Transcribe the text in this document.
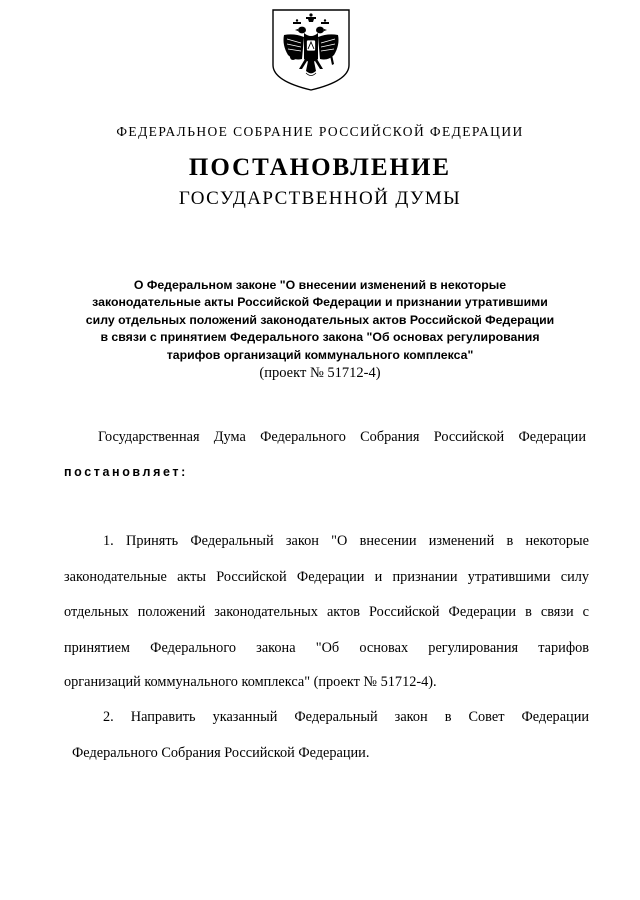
ФЕДЕРАЛЬНОЕ СОБРАНИЕ РОССИЙСКОЙ ФЕДЕРАЦИИ
ПОСТАНОВЛЕНИЕ
ГОСУДАРСТВЕННОЙ ДУМЫ
О Федеральном законе "О внесении изменений в некоторые
законодательные акты Российской Федерации и признании утратившими
силу отдельных положений законодательных актов Российской Федерации
в связи с принятием Федерального закона "Об основах регулирования
тарифов организаций коммунального комплекса"
(проект № 51712-4)
Государственная Дума Федерального Собрания Российской Федерации
постановляет:
1. Принять Федеральный закон "О внесении изменений в некоторые
законодательные акты Российской Федерации и признании утратившими силу
отдельных положений законодательных актов Российской Федерации в связи с
принятием Федерального закона "Об основах регулирования тарифов
организаций коммунального комплекса" (проект № 51712-4).
2. Направить указанный Федеральный закон в Совет Федерации
Федерального Собрания Российской Федерации.
